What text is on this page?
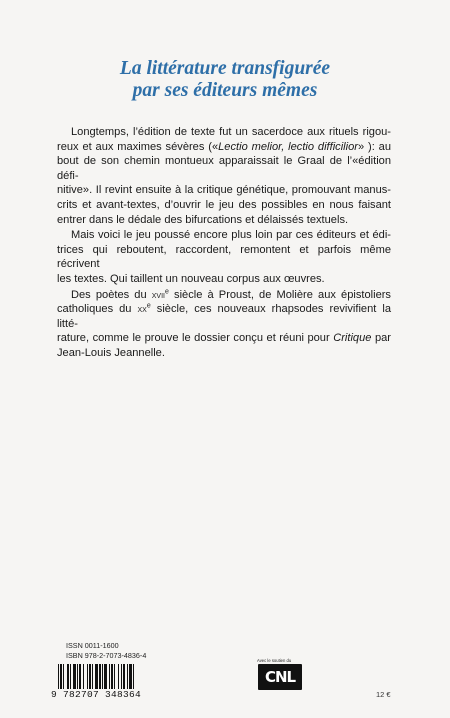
La littérature transfigurée
par ses éditeurs mêmes

Longtemps, l’édition de texte fut un sacerdoce aux rituels rigou-
reux et aux maximes sévères («Lectio melior, lectio difficilior» ): au
bout de son chemin montueux apparaissait le Graal de l’«édition défi-
nitive». Il revint ensuite à la critique génétique, promouvant manus-
crits et avant-textes, d’ouvrir le jeu des possibles en nous faisant
entrer dans le dédale des bifurcations et délaissés textuels.

Mais voici le jeu poussé encore plus loin par ces éditeurs et édi-
trices qui reboutent, raccordent, remontent et parfois même récrivent
les textes. Qui taillent un nouveau corpus aux œuvres.

Des poètes du xvii$^e$ siècle à Proust, de Molière aux épistoliers
catholiques du $xx^e$ siècle, ces nouveaux rhapsodes revivifient la litté-
rature, comme le prouve le dossier conçu et réuni pour Critique par
Jean-Louis Jeannelle.

ISSN 0011-1600
ISBN 978-2-7073-4836-4
9 782707 348364
Avec le soutien du
CNL
12 €
